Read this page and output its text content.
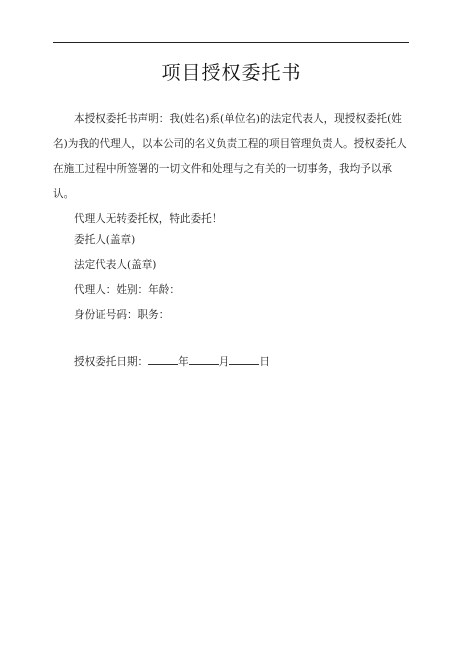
项目授权委托书

本授权委托书声明：我(姓名)系(单位名)的法定代表人，现授权委托(姓名)为我的代理人，以本公司的名义负责工程的项目管理负责人。授权委托人在施工过程中所签署的一切文件和处理与之有关的一切事务，我均予以承认。

代理人无转委托权，特此委托！

委托人(盖章)
法定代表人(盖章)
代理人：姓别：年龄：
身份证号码：职务：
授权委托日期：	年	月	日
